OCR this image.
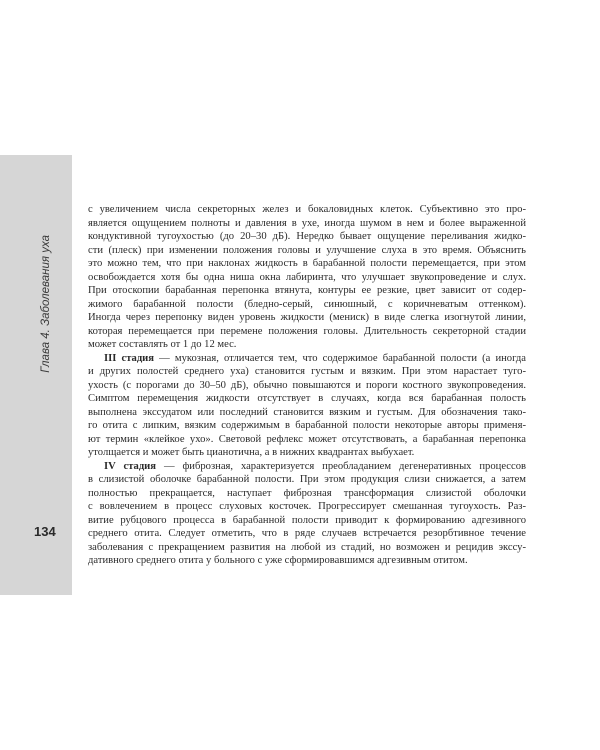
Глава 4. Заболевания уха
134

с увеличением числа секреторных желез и бокаловидных клеток. Субъективно это про-
является ощущением полноты и давления в ухе, иногда шумом в нем и более выраженной
кондуктивной тугоухостью (до 20–30 дБ). Нередко бывает ощущение переливания жидко-
сти (плеск) при изменении положения головы и улучшение слуха в это время. Объяснить
это можно тем, что при наклонах жидкость в барабанной полости перемещается, при этом
освобождается хотя бы одна ниша окна лабиринта, что улучшает звукопроведение и слух.
При отоскопии барабанная перепонка втянута, контуры ее резкие, цвет зависит от содер-
жимого барабанной полости (бледно-серый, синюшный, с коричневатым оттенком).
Иногда через перепонку виден уровень жидкости (мениск) в виде слегка изогнутой линии,
которая перемещается при перемене положения головы. Длительность секреторной стадии
может составлять от 1 до 12 мес.

III стадия — мукозная, отличается тем, что содержимое барабанной полости (а иногда
и других полостей среднего уха) становится густым и вязким. При этом нарастает туго-
ухость (с порогами до 30–50 дБ), обычно повышаются и пороги костного звукопроведения.
Симптом перемещения жидкости отсутствует в случаях, когда вся барабанная полость
выполнена экссудатом или последний становится вязким и густым. Для обозначения тако-
го отита с липким, вязким содержимым в барабанной полости некоторые авторы применя-
ют термин «клейкое ухо». Световой рефлекс может отсутствовать, а барабанная перепонка
утолщается и может быть цианотична, а в нижних квадрантах выбухает.

IV стадия — фиброзная, характеризуется преобладанием дегенеративных процессов
в слизистой оболочке барабанной полости. При этом продукция слизи снижается, а затем
полностью прекращается, наступает фиброзная трансформация слизистой оболочки
с вовлечением в процесс слуховых косточек. Прогрессирует смешанная тугоухость. Раз-
витие рубцового процесса в барабанной полости приводит к формированию адгезивного
среднего отита. Следует отметить, что в ряде случаев встречается резорбтивное течение
заболевания с прекращением развития на любой из стадий, но возможен и рецидив экссу-
дативного среднего отита у больного с уже сформировавшимся адгезивным отитом.
